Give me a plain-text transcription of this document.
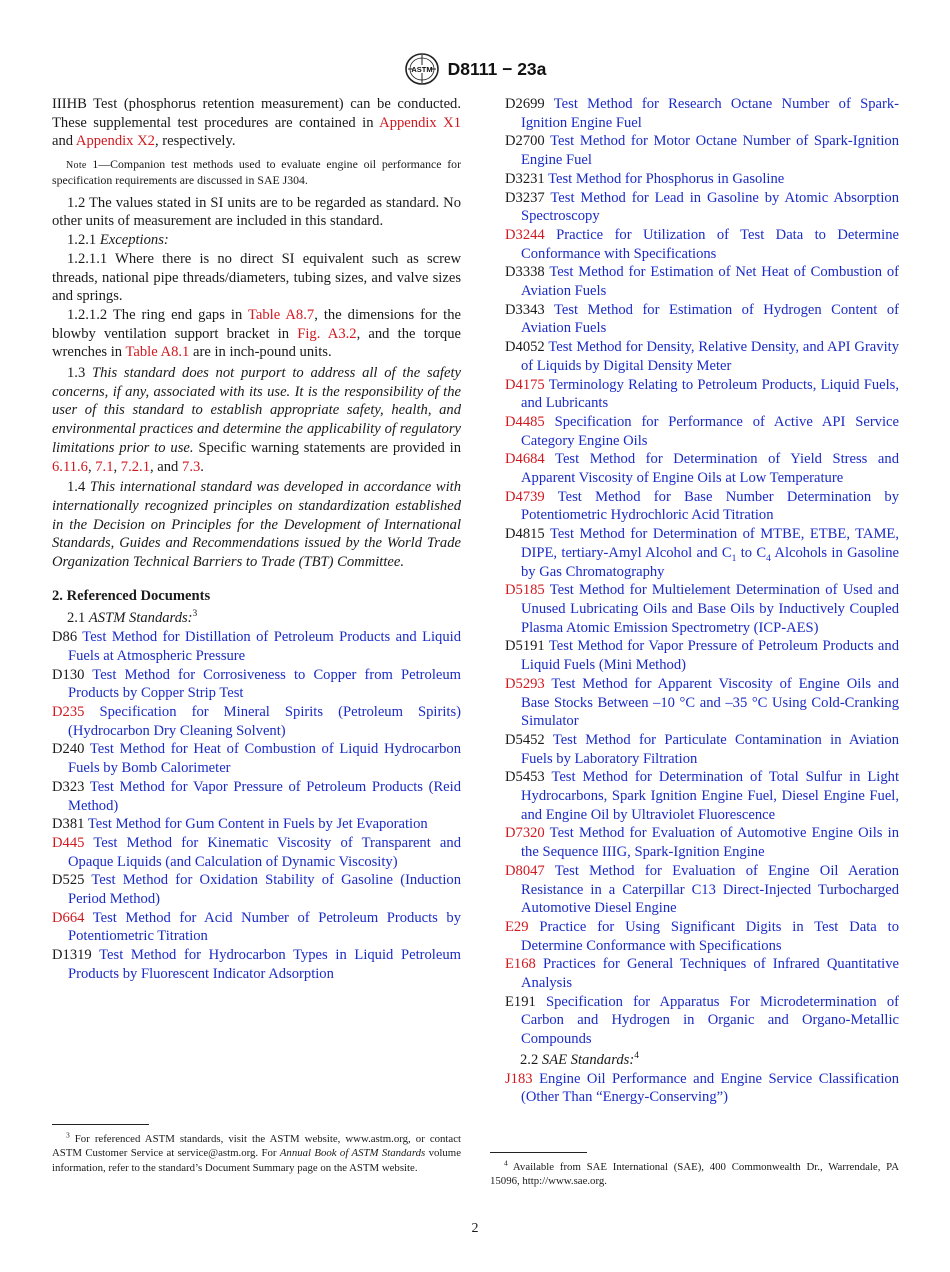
ASTM D8111 − 23a

IIIHB Test (phosphorus retention measurement) can be conducted. These supplemental test procedures are contained in Appendix X1 and Appendix X2, respectively.

Note 1—Companion test methods used to evaluate engine oil performance for specification requirements are discussed in SAE J304.

1.2 The values stated in SI units are to be regarded as standard. No other units of measurement are included in this standard.

1.2.1 Exceptions:

1.2.1.1 Where there is no direct SI equivalent such as screw threads, national pipe threads/diameters, tubing sizes, and valve sizes and springs.

1.2.1.2 The ring end gaps in Table A8.7, the dimensions for the blowby ventilation support bracket in Fig. A3.2, and the torque wrenches in Table A8.1 are in inch-pound units.

1.3 This standard does not purport to address all of the safety concerns, if any, associated with its use. It is the responsibility of the user of this standard to establish appropriate safety, health, and environmental practices and determine the applicability of regulatory limitations prior to use. Specific warning statements are provided in 6.11.6, 7.1, 7.2.1, and 7.3.

1.4 This international standard was developed in accordance with internationally recognized principles on standardization established in the Decision on Principles for the Development of International Standards, Guides and Recommendations issued by the World Trade Organization Technical Barriers to Trade (TBT) Committee.

2. Referenced Documents

2.1 ASTM Standards:$^3$

D86 Test Method for Distillation of Petroleum Products and Liquid Fuels at Atmospheric Pressure

D130 Test Method for Corrosiveness to Copper from Petroleum Products by Copper Strip Test

D235 Specification for Mineral Spirits (Petroleum Spirits) (Hydrocarbon Dry Cleaning Solvent)

D240 Test Method for Heat of Combustion of Liquid Hydrocarbon Fuels by Bomb Calorimeter

D323 Test Method for Vapor Pressure of Petroleum Products (Reid Method)

D381 Test Method for Gum Content in Fuels by Jet Evaporation

D445 Test Method for Kinematic Viscosity of Transparent and Opaque Liquids (and Calculation of Dynamic Viscosity)

D525 Test Method for Oxidation Stability of Gasoline (Induction Period Method)

D664 Test Method for Acid Number of Petroleum Products by Potentiometric Titration

D1319 Test Method for Hydrocarbon Types in Liquid Petroleum Products by Fluorescent Indicator Adsorption

D2699 Test Method for Research Octane Number of Spark-Ignition Engine Fuel

D2700 Test Method for Motor Octane Number of Spark-Ignition Engine Fuel

D3231 Test Method for Phosphorus in Gasoline

D3237 Test Method for Lead in Gasoline by Atomic Absorption Spectroscopy

D3244 Practice for Utilization of Test Data to Determine Conformance with Specifications

D3338 Test Method for Estimation of Net Heat of Combustion of Aviation Fuels

D3343 Test Method for Estimation of Hydrogen Content of Aviation Fuels

D4052 Test Method for Density, Relative Density, and API Gravity of Liquids by Digital Density Meter

D4175 Terminology Relating to Petroleum Products, Liquid Fuels, and Lubricants

D4485 Specification for Performance of Active API Service Category Engine Oils

D4684 Test Method for Determination of Yield Stress and Apparent Viscosity of Engine Oils at Low Temperature

D4739 Test Method for Base Number Determination by Potentiometric Hydrochloric Acid Titration

D4815 Test Method for Determination of MTBE, ETBE, TAME, DIPE, tertiary-Amyl Alcohol and $C_1$ to $C_4$ Alcohols in Gasoline by Gas Chromatography

D5185 Test Method for Multielement Determination of Used and Unused Lubricating Oils and Base Oils by Inductively Coupled Plasma Atomic Emission Spectrometry (ICP-AES)

D5191 Test Method for Vapor Pressure of Petroleum Products and Liquid Fuels (Mini Method)

D5293 Test Method for Apparent Viscosity of Engine Oils and Base Stocks Between –10 °C and –35 °C Using Cold-Cranking Simulator

D5452 Test Method for Particulate Contamination in Aviation Fuels by Laboratory Filtration

D5453 Test Method for Determination of Total Sulfur in Light Hydrocarbons, Spark Ignition Engine Fuel, Diesel Engine Fuel, and Engine Oil by Ultraviolet Fluorescence

D7320 Test Method for Evaluation of Automotive Engine Oils in the Sequence IIIG, Spark-Ignition Engine

D8047 Test Method for Evaluation of Engine Oil Aeration Resistance in a Caterpillar C13 Direct-Injected Turbocharged Automotive Diesel Engine

E29 Practice for Using Significant Digits in Test Data to Determine Conformance with Specifications

E168 Practices for General Techniques of Infrared Quantitative Analysis

E191 Specification for Apparatus For Microdetermination of Carbon and Hydrogen in Organic and Organo-Metallic Compounds

2.2 SAE Standards:$^4$

J183 Engine Oil Performance and Engine Service Classification (Other Than “Energy-Conserving”)

$^3$ For referenced ASTM standards, visit the ASTM website, www.astm.org, or contact ASTM Customer Service at service@astm.org. For Annual Book of ASTM Standards volume information, refer to the standard’s Document Summary page on the ASTM website.	$^4$ Available from SAE International (SAE), 400 Commonwealth Dr., Warrendale, PA 15096, http://www.sae.org.
2
